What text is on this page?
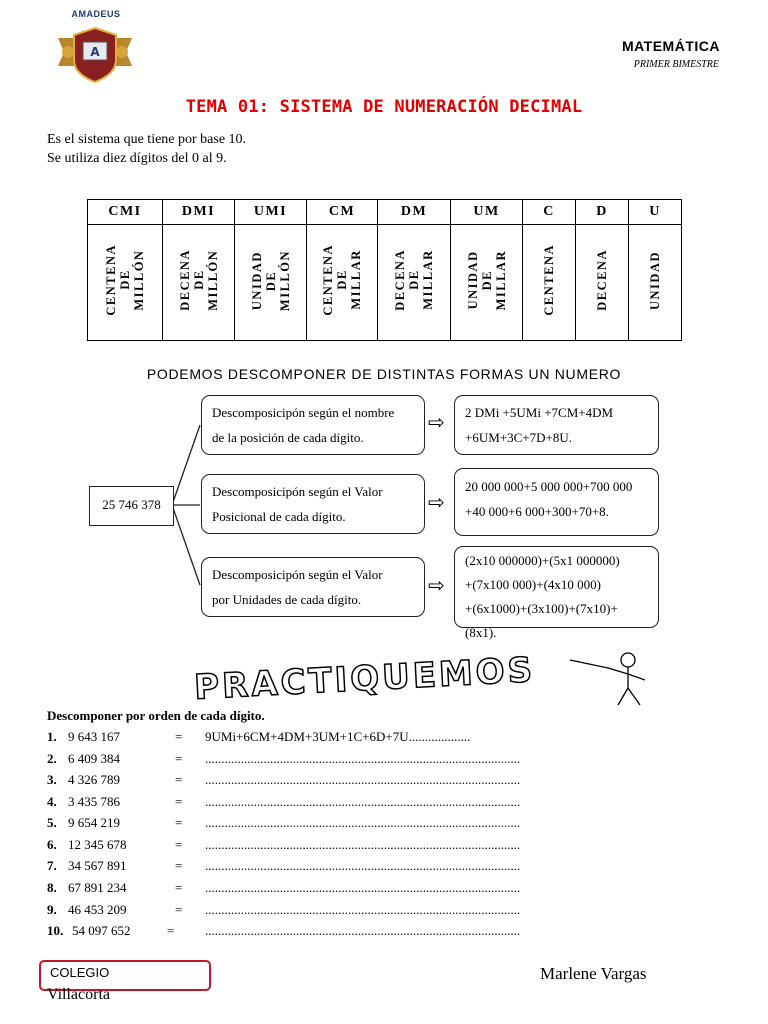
A
AMADEUS
MATEMÁTICA
PRIMER BIMESTRE
TEMA 01: SISTEMA DE NUMERACIÓN DECIMAL
Es el sistema que tiene por base 10.
Se utiliza diez dígitos del 0 al 9.
CMI	DMI	UMI	CM	DM	UM	C	D	U
CENTENA
DE
MILLÓN	DECENA
DE
MILLÓN	UNIDAD
DE
MILLÓN	CENTENA
DE
MILLAR	DECENA
DE
MILLAR	UNIDAD
DE
MILLAR	CENTENA	DECENA	UNIDAD
PODEMOS DESCOMPONER DE DISTINTAS FORMAS UN NUMERO
25 746 378
Descomposicipón según el nombre
de la posición de cada dígito.
⇨ 2 DMi +5UMi +7CM+4DM
+6UM+3C+7D+8U.
Descomposicipón según el Valor
Posicional de cada dígito.
⇨
20 000 000+5 000 000+700 000
+40 000+6 000+300+70+8.
Descomposicipón según el Valor
por Unidades de cada dígito.
⇨
(2x10 000000)+(5x1 000000)
+(7x100 000)+(4x10 000)
+(6x1000)+(3x100)+(7x10)+(8x1).
PRACTIQUEMOS
Descomponer por orden de cada dígito.
1. 9 643 167	= 9UMi+6CM+4DM+3UM+1C+6D+7U...................
2. 6 409 384	= .................................................................................................
3. 4 326 789	= .................................................................................................
4. 3 435 786	= .................................................................................................
5. 9 654 219	= .................................................................................................
6. 12 345 678	= .................................................................................................
7. 34 567 891	= .................................................................................................
8. 67 891 234	= .................................................................................................
9. 46 453 209	= .................................................................................................
10. 54 097 652	= .................................................................................................
COLEGIO
Villacorta
Marlene Vargas
